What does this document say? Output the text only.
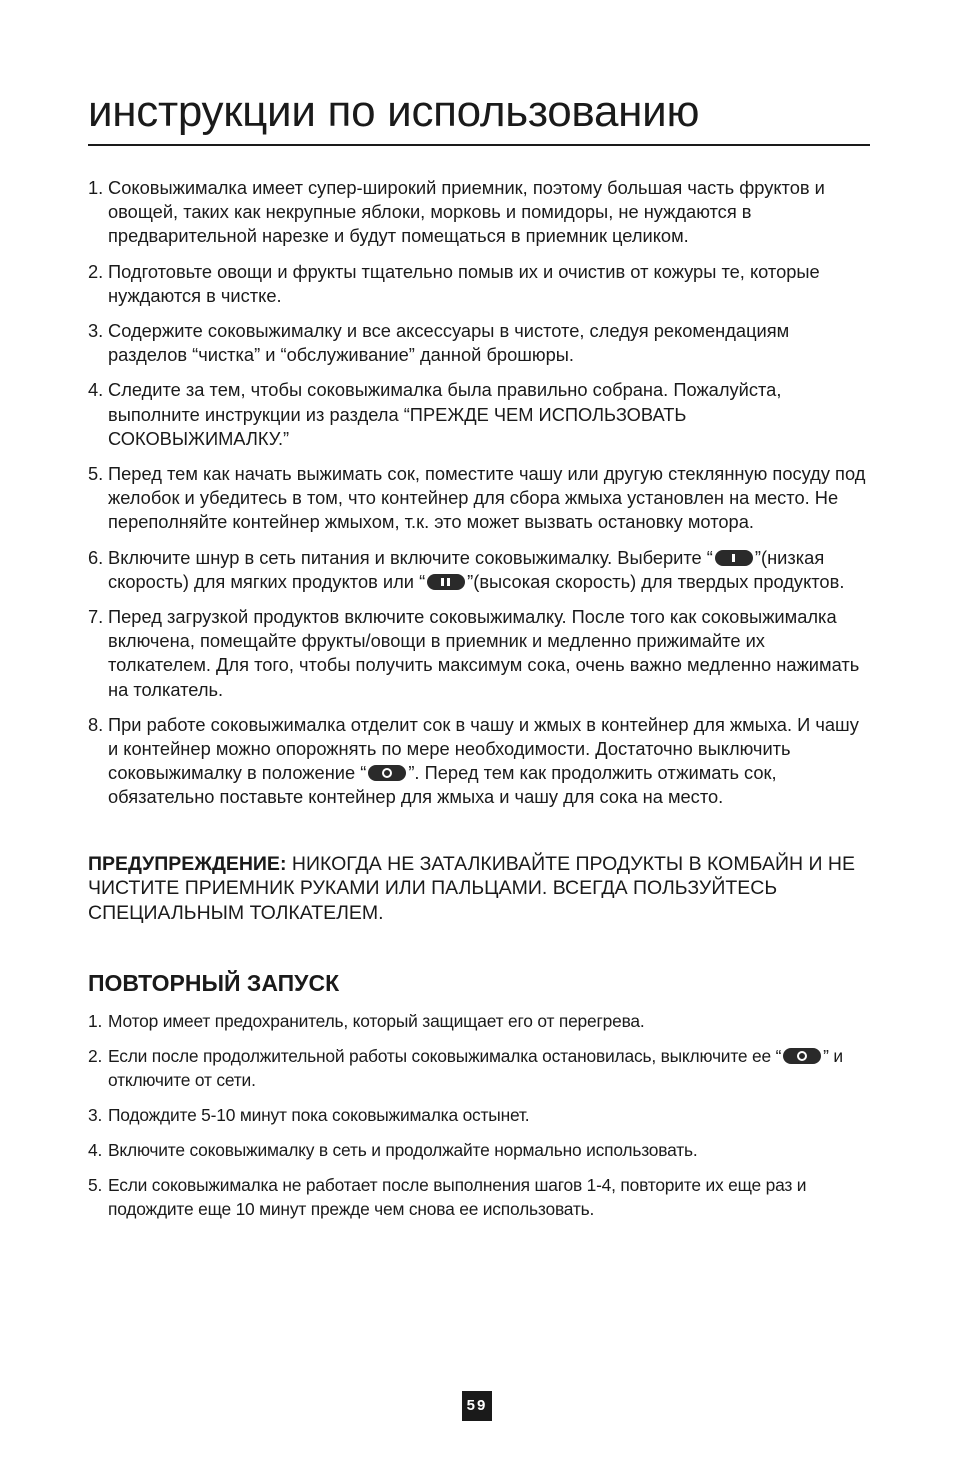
инструкции по использованию
1. Соковыжималка имеет супер-широкий приемник, поэтому большая часть фруктов и овощей, таких как некрупные яблоки, морковь и помидоры, не нуждаются в предварительной нарезке и будут помещаться в приемник целиком.
2. Подготовьте овощи и фрукты тщательно помыв их и очистив от кожуры те, которые нуждаются в чистке.
3. Содержите соковыжималку и все аксессуары в чистоте, следуя рекомендациям разделов “чистка” и “обслуживание” данной брошюры.
4. Следите за тем, чтобы соковыжималка была правильно собрана. Пожалуйста, выполните инструкции из раздела “ПРЕЖДЕ ЧЕМ ИСПОЛЬЗОВАТЬ СОКОВЫЖИМАЛКУ.”
5. Перед тем как начать выжимать сок, поместите чашу или другую стеклянную посуду под желобок и убедитесь в том, что контейнер для сбора жмыха установлен на место. Не переполняйте контейнер жмыхом, т.к. это может вызвать остановку мотора.
6. Включите шнур в сеть питания и включите соковыжималку. Выберите “ ”(низкая скорость) для мягких продуктов или “ ”(высокая скорость) для твердых продуктов.
7. Перед загрузкой продуктов включите соковыжималку. После того как соковыжималка включена, помещайте фрукты/овощи в приемник и медленно прижимайте их толкателем. Для того, чтобы получить максимум сока, очень важно медленно нажимать на толкатель.
8. При работе соковыжималка отделит сок в чашу и жмых в контейнер для жмыха. И чашу и контейнер можно опорожнять по мере необходимости. Достаточно выключить соковыжималку в положение “ ”. Перед тем как продолжить отжимать сок, обязательно поставьте контейнер для жмыха и чашу для сока на место.

ПРЕДУПРЕЖДЕНИЕ: НИКОГДА НЕ ЗАТАЛКИВАЙТЕ ПРОДУКТЫ В КОМБАЙН И НЕ ЧИСТИТЕ ПРИЕМНИК РУКАМИ ИЛИ ПАЛЬЦАМИ. ВСЕГДА ПОЛЬЗУЙТЕСЬ СПЕЦИАЛЬНЫМ ТОЛКАТЕЛЕМ.

ПОВТОРНЫЙ ЗАПУСК
1. Мотор имеет предохранитель, который защищает его от перегрева.
2. Если после продолжительной работы соковыжималка остановилась, выключите ее “ ” и отключите от сети.
3. Подождите 5-10 минут пока соковыжималка остынет.
4. Включите соковыжималку в сеть и продолжайте нормально использовать.
5. Если соковыжималка не работает после выполнения шагов 1-4, повторите их еще раз и подождите еще 10 минут прежде чем снова ее использовать.
59
